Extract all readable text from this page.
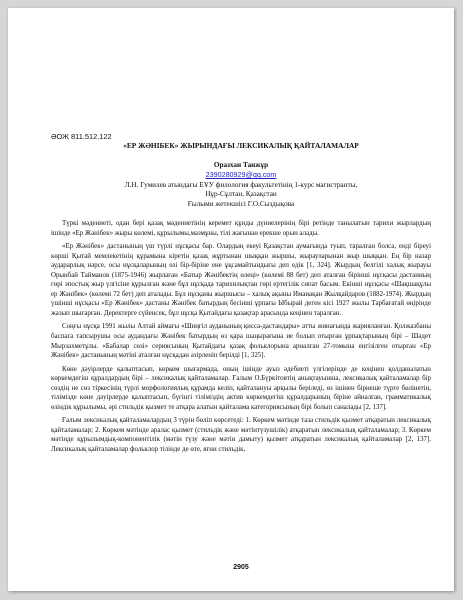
ӘОЖ 811.512.122
«ЕР ЖӘНІБЕК» ЖЫРЫНДАҒЫ ЛЕКСИКАЛЫҚ ҚАЙТАЛАМАЛАР
Оразхан Танжұр
2390280929@qq.com
Л.Н. Гумилев атындағы ЕҰУ филология факультетінің 1-курс магистранты,
Нұр-Сұлтан, Қазақстан
Ғылыми жетекшісі Г.О.Сыздықова

Түркі мәдениеті, одан бері қазақ мәдениетінің керемет құнды дүниелерінің бірі ретінде танылатын тарихи жырлардың ішінде «Ер Жәнібек» жыры көлемі, құрылымы,мазмұны, тілі жағынан ерекше орын алады.

«Ер Жәнібек» дастанының үш түрлі нұсқасы бар. Олардың екеуі Қазақстан аумағында туып, таралған болса, енді біреуі көрші Қытай мемлекетінің құрамына кіретін қазақ жұртынан шыққан жыршы, жырауларынан жыр шыққан. Ең бір назар аударарлық нәрсе, осы нұсқаларының өзі бір-біріне ене ұқсамайтындығы деп едік [1, 324]. Жырдың белгілі халық жырауы Орынбай Тайманов (1875-1946) жырлаған «Батыр Жәнібектің өлеңі» (көлемі 88 бет) деп аталған бірінші нұсқасы дастанның гөрі эпостық жыр үлгісіне құрылған және бұл нұсқада тарихилықтан гөрі ертегілік сипат басым. Екінші нұсқасы «Шақшақұлы ер Жәнібек» (көлемі 72 бет) деп аталады. Бұл нұсқаны жыршысы – халық ақыны Имаиақан Жылқайдаров (1882-1974). Жырдың үшінші нұсқасы «Ер Жәнібек» дастаны Жәнібек батырдың бесінші ұрпағы Ыбырай деген кісі 1927 жылы Тарбағатай өңірінде жазып шығарған. Деректерге сүйенсек, бұл нұсқа Қытайдағы қазақтар арасында кеңінен таралған.

Соңғы нұсқа 1991 жылы Алтай аймағы «Шиңгіл ауданының қисса-дастандары» атты жинағында жарияланған. Қолжазбаны баспаға тапсырушы осы аудандағы Жәнібек батырдың өз қара шаңырағына ие болып отырған ұрпақтарының бірі – Шәдет Мырзахметұлы. «Бабалар сөзі» сериясының Қытайдағы қазақ фольклорына арналған 27-томына енгізілген отырған «Ер Жәнібек» дастанының мәтіні аталған нұсқадан әзірленіп берілді [1, 325].

Көне дәуірлерде қалыптасып, көркем шығармада, оның ішінде ауыз әдебиеті үлгілерінде де кеңінен қолданылатын көркемдегіш құралдардың бірі – лексикалық қайталамалар. Ғалым О.Бүркітовтің анықтауынша, лексикалық қайталамалар бір сөздің не сөз тіркесінің түрлі морфологиялық құрамда келіп, қайталануы арқылы беріледі, өз ішінен бірнеше түрге бөлінетін, тілімізде көне дәуірлерде қалыптасып, бүгінгі тіліміздің актив көркемдегіш құралдарының біріне айналған, грамматикалық өзіндік құрылымы, әрі стильдік қызмет те атқара алатын қайталама категориясының бірі болып саналады [2, 137].

Ғалым лексикалық қайталамалардың 3 түрін бөліп көрсетеді: 1. Көркем мәтінде таза стильдік қызмет атқаратын лексикалық қайталамалар; 2. Көркем мәтінде аралас қызмет (стильдік және мәтінтүзушілік) атқаратын лексикалық қайталамалар; 3. Көркем мәтінде құрылымдық-компонентілік (мәтін түзу және мәтін дамыту) қызмет атқаратын лексикалық қайталамалар [2, 137]. Лексикалық қайталамалар фольклор тілінде де өте, яғни стильдік,

2905
